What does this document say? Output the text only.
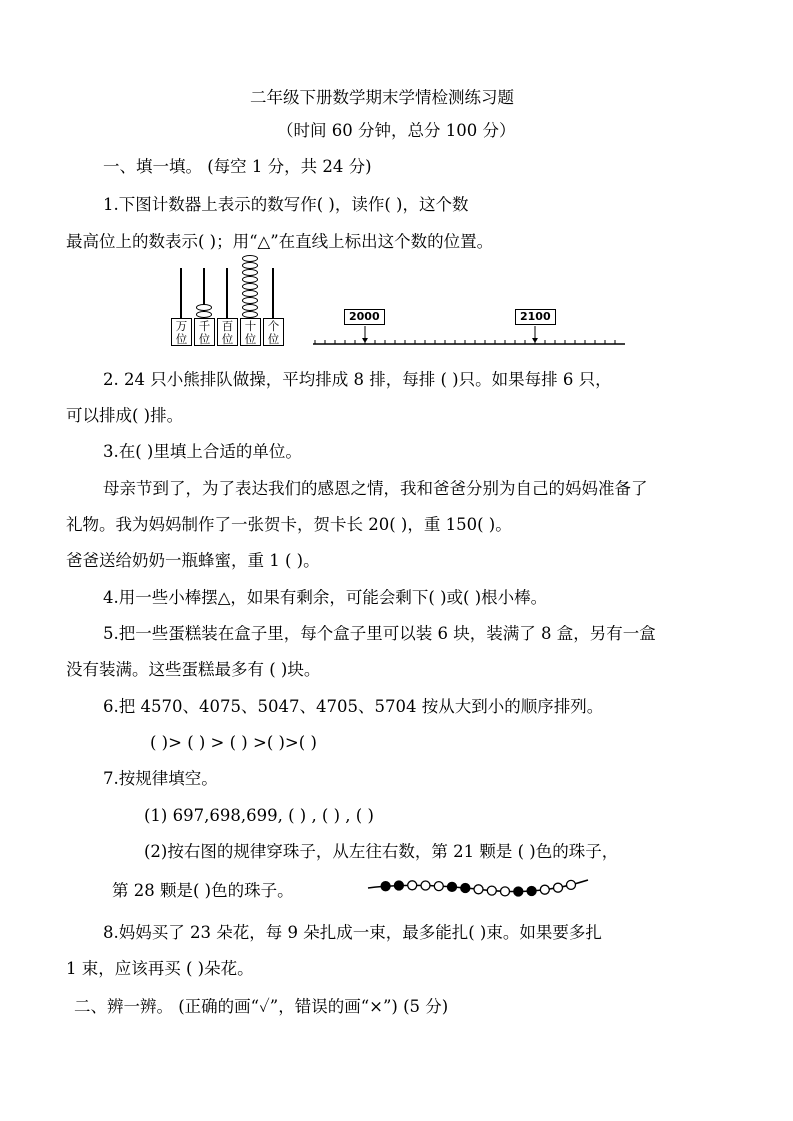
二年级下册数学期末学情检测练习题
（时间 60 分钟，总分 100 分）
一、填一填。 (每空 1 分，共 24 分)
1.下图计数器上表示的数写作( )，读作( )，这个数
最高位上的数表示( )；用“△”在直线上标出这个数的位置。
万
位
千
位
百
位
十
位
个
位
2000	2100
2. 24 只小熊排队做操，平均排成 8 排，每排 ( )只。如果每排 6 只，
可以排成( )排。
3.在( )里填上合适的单位。
母亲节到了，为了表达我们的感恩之情，我和爸爸分别为自己的妈妈准备了
礼物。我为妈妈制作了一张贺卡，贺卡长 20( )，重 150( )。
爸爸送给奶奶一瓶蜂蜜，重 1 ( )。
4.用一些小棒摆△，如果有剩余，可能会剩下( )或( )根小棒。
5.把一些蛋糕装在盒子里，每个盒子里可以装 6 块，装满了 8 盒，另有一盒
没有装满。这些蛋糕最多有 ( )块。
6.把 4570、4075、5047、4705、5704 按从大到小的顺序排列。
( )> ( ) > ( ) >( )>( )
7.按规律填空。
(1) 697,698,699, ( ) , ( ) , ( )
(2)按右图的规律穿珠子，从左往右数，第 21 颗是 ( )色的珠子，
第 28 颗是( )色的珠子。
8.妈妈买了 23 朵花，每 9 朵扎成一束，最多能扎( )束。如果要多扎
1 束，应该再买 ( )朵花。
二、辨一辨。 (正确的画“✓”，错误的画“×”) (5 分)
